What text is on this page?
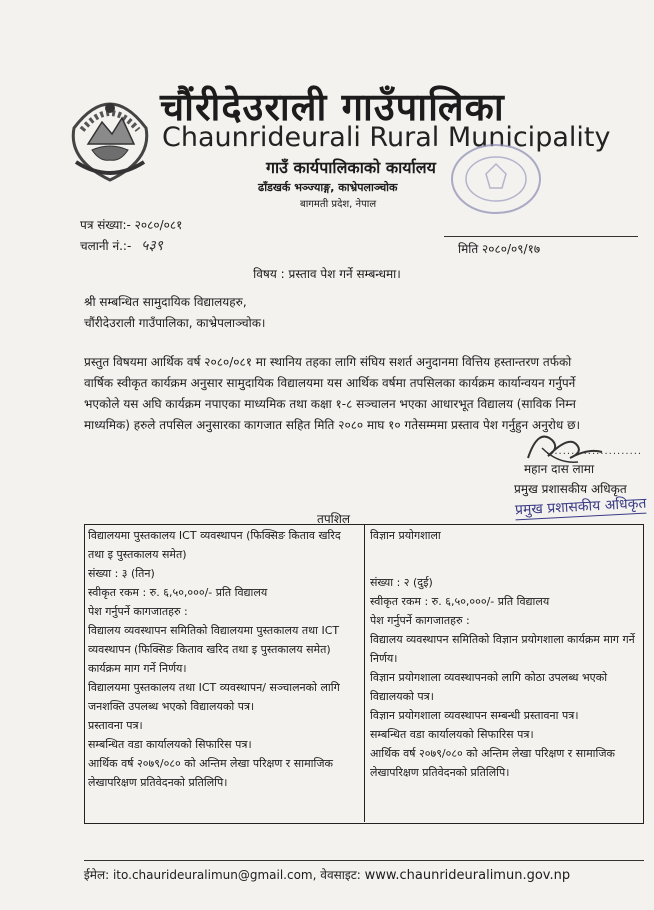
चौंरीदेउराली गाउँपालिका
Chaunrideurali Rural Municipality
गाउँ कार्यपालिकाको कार्यालय
ढाँडखर्क भञ्ज्याङ्ग, काभ्रेपलाञ्चोक
बागमती प्रदेश, नेपाल
पत्र संख्या:- २०८०/०८१
चलानी नं.:- ५३९	मिति २०८०/०९/१७
विषय : प्रस्ताव पेश गर्ने सम्बन्धमा।
श्री सम्बन्धित सामुदायिक विद्यालयहरु,
चौंरीदेउराली गाउँपालिका, काभ्रेपलाञ्चोक।

प्रस्तुत विषयमा आर्थिक वर्ष २०८०/०८१ मा स्थानिय तहका लागि संघिय सशर्त अनुदानमा वित्तिय हस्तान्तरण तर्फको वार्षिक स्वीकृत कार्यक्रम अनुसार सामुदायिक विद्यालयमा यस आर्थिक वर्षमा तपसिलका कार्यक्रम कार्यान्वयन गर्नुपर्ने भएकोले यस अघि कार्यक्रम नपाएका माध्यमिक तथा कक्षा १-८ सञ्चालन भएका आधारभूत विद्यालय (साविक निम्न माध्यमिक) हरुले तपसिल अनुसारका कागजात सहित मिति २०८० माघ १० गतेसम्ममा प्रस्ताव पेश गर्नुहुन अनुरोध छ।

·······················
महान दास लामा
प्रमुख प्रशासकीय अधिकृत
प्रमुख प्रशासकीय अधिकृत
तपशिल
विद्यालयमा पुस्तकालय ICT व्यवस्थापन (फिक्सिङ किताव खरिद तथा इ पुस्तकालय समेत)
संख्या : ३ (तिन)
स्वीकृत रकम : रु. ६,५०,०००/- प्रति विद्यालय
पेश गर्नुपर्ने कागजातहरु :
विद्यालय व्यवस्थापन समितिको विद्यालयमा पुस्तकालय तथा ICT व्यवस्थापन (फिक्सिङ किताव खरिद तथा इ पुस्तकालय समेत) कार्यक्रम माग गर्ने निर्णय।
विद्यालयमा पुस्तकालय तथा ICT व्यवस्थापन/ सञ्चालनको लागि जनशक्ति उपलब्ध भएको विद्यालयको पत्र।
प्रस्तावना पत्र।
सम्बन्धित वडा कार्यालयको सिफारिस पत्र।
आर्थिक वर्ष २०७९/०८० को अन्तिम लेखा परिक्षण र सामाजिक लेखापरिक्षण प्रतिवेदनको प्रतिलिपि।
विज्ञान प्रयोगशाला
संख्या : २ (दुई)
स्वीकृत रकम : रु. ६,५०,०००/- प्रति विद्यालय
पेश गर्नुपर्ने कागजातहरु :
विद्यालय व्यवस्थापन समितिको विज्ञान प्रयोगशाला कार्यक्रम माग गर्ने निर्णय।
विज्ञान प्रयोगशाला व्यवस्थापनको लागि कोठा उपलब्ध भएको विद्यालयको पत्र।
विज्ञान प्रयोगशाला व्यवस्थापन सम्बन्धी प्रस्तावना पत्र।
सम्बन्धित वडा कार्यालयको सिफारिस पत्र।
आर्थिक वर्ष २०७९/०८० को अन्तिम लेखा परिक्षण र सामाजिक लेखापरिक्षण प्रतिवेदनको प्रतिलिपि।
ईमेल: ito.chaurideuralimun@gmail.com, वेवसाइट: www.chaunrideuralimun.gov.np
